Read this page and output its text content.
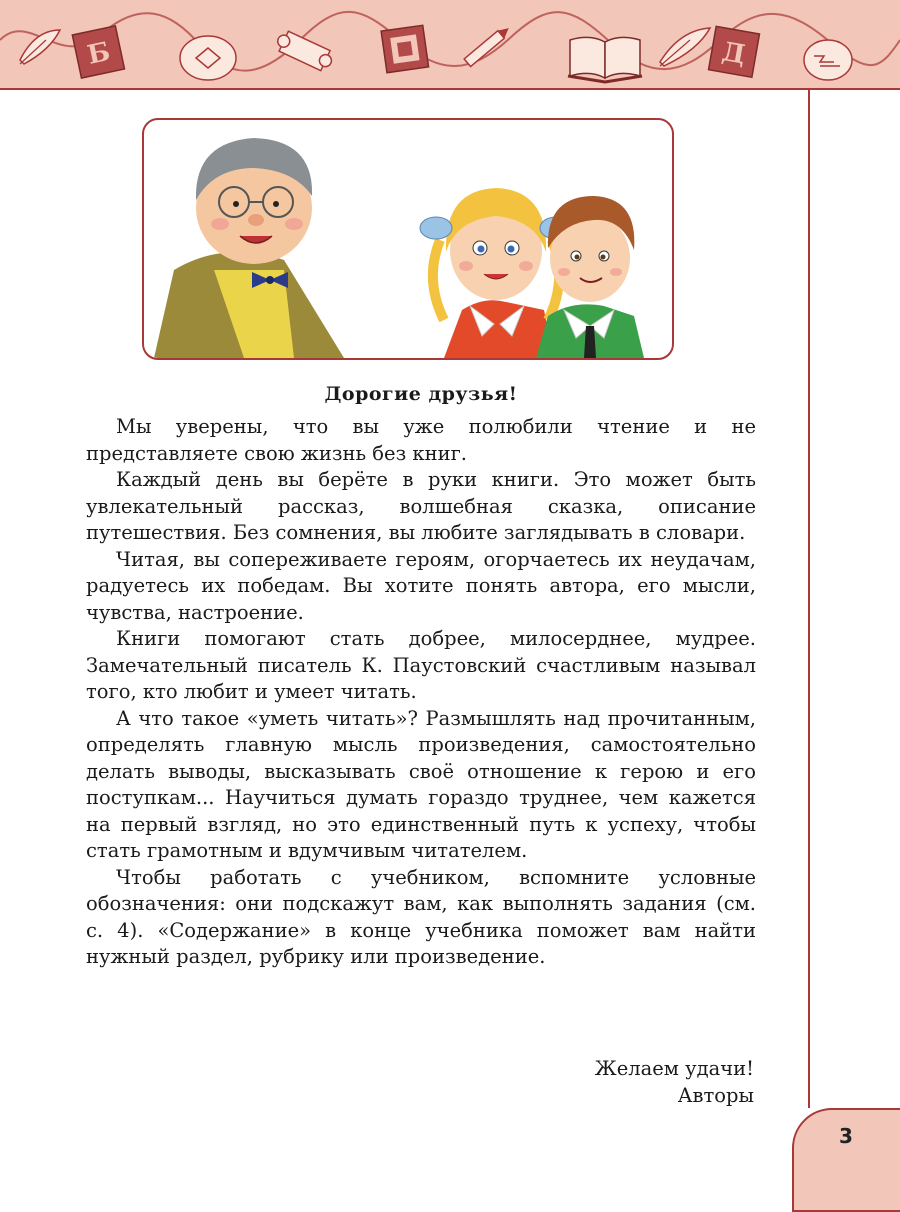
Б	Д
Дорогие друзья!

Мы уверены, что вы уже полюбили чтение и не представляете свою жизнь без книг.

Каждый день вы берёте в руки книги. Это может быть увлекательный рассказ, волшебная сказка, описание путешествия. Без сомнения, вы любите заглядывать в словари.

Читая, вы сопереживаете героям, огорчаетесь их неудачам, радуетесь их победам. Вы хотите понять автора, его мысли, чувства, настроение.

Книги помогают стать добрее, милосерднее, мудрее. Замечательный писатель К. Паустовский счастливым называл того, кто любит и умеет читать.

А что такое «уметь читать»? Размышлять над прочитанным, определять главную мысль произведения, самостоятельно делать выводы, высказывать своё отношение к герою и его поступкам... Научиться думать гораздо труднее, чем кажется на первый взгляд, но это единственный путь к успеху, чтобы стать грамотным и вдумчивым читателем.

Чтобы работать с учебником, вспомните условные обозначения: они подскажут вам, как выполнять задания (см. с. 4). «Содержание» в конце учебника поможет вам найти нужный раздел, рубрику или произведение.

Желаем удачи!
Авторы
3
